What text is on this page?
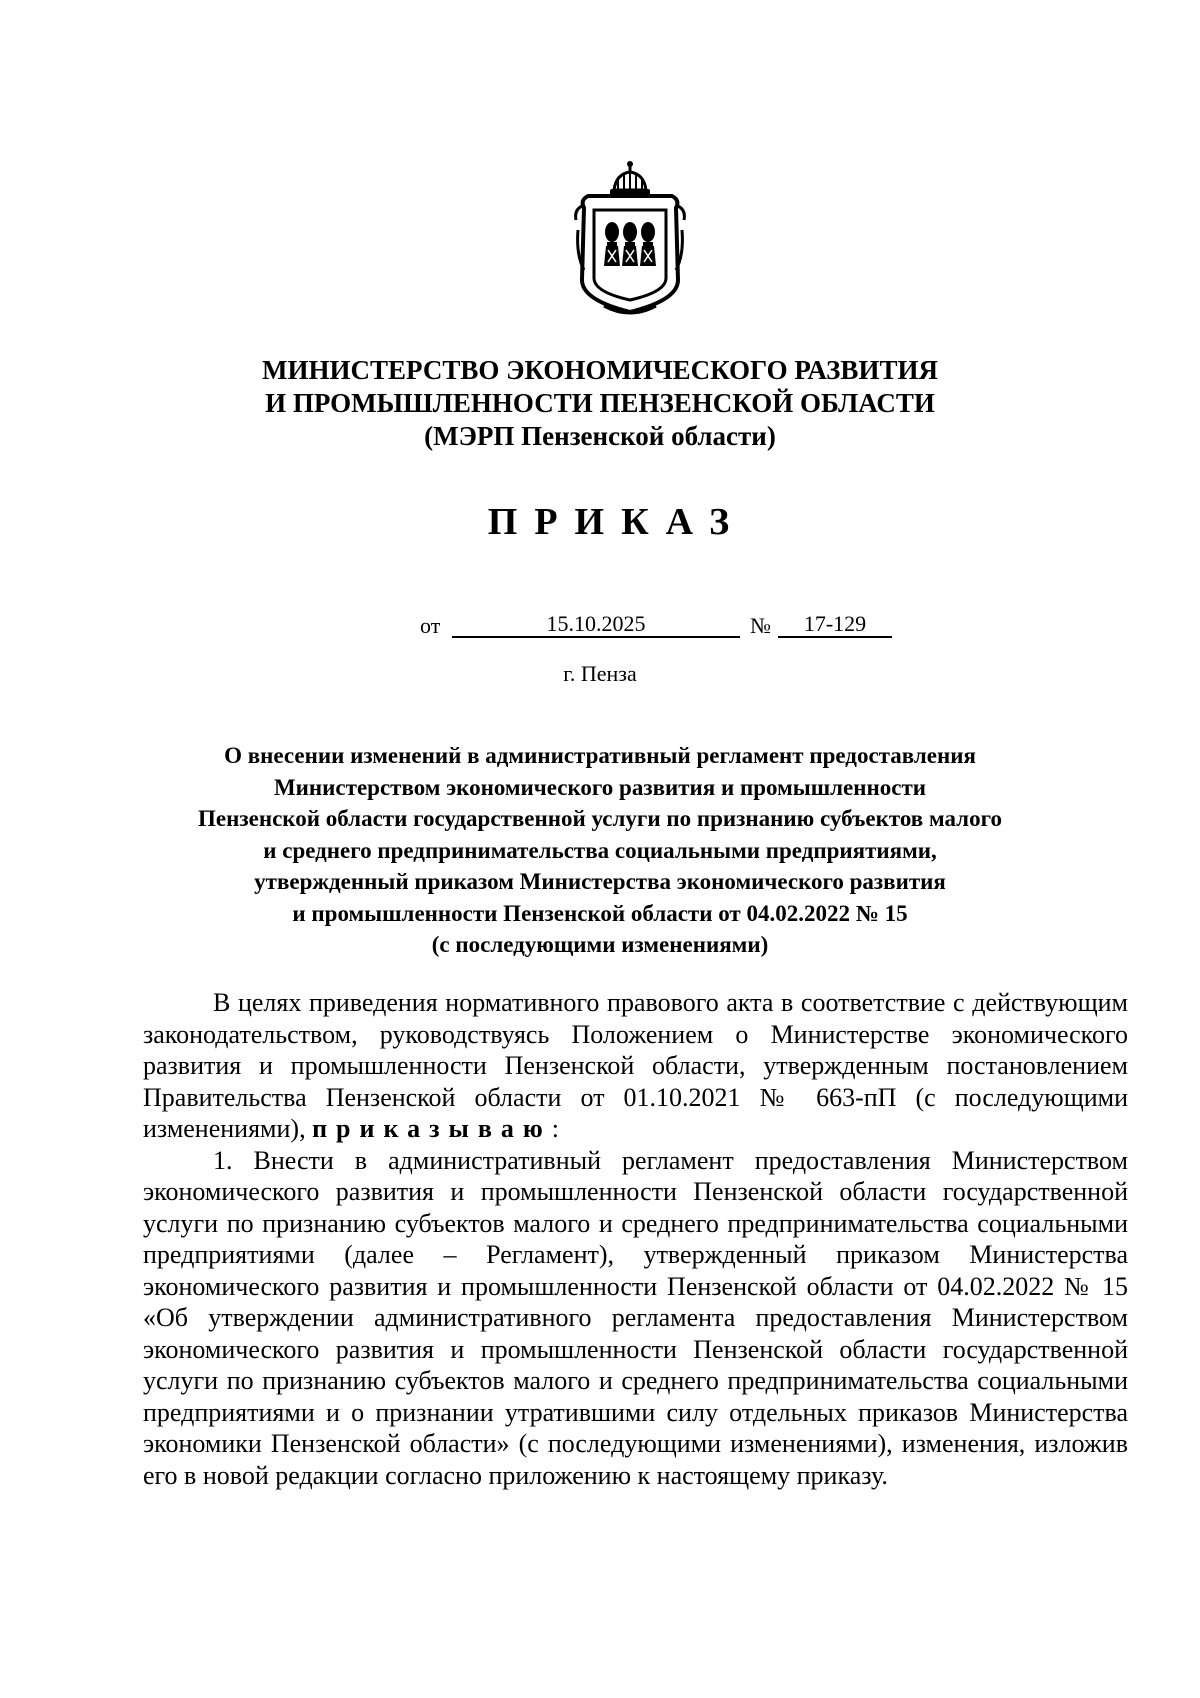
МИНИСТЕРСТВО ЭКОНОМИЧЕСКОГО РАЗВИТИЯ
И ПРОМЫШЛЕННОСТИ ПЕНЗЕНСКОЙ ОБЛАСТИ
(МЭРП Пензенской области)
ПРИКАЗ
от	15.10.2025	№	17-129
г. Пенза
О внесении изменений в административный регламент предоставления
Министерством экономического развития и промышленности
Пензенской области государственной услуги по признанию субъектов малого
и среднего предпринимательства социальными предприятиями,
утвержденный приказом Министерства экономического развития
и промышленности Пензенской области от 04.02.2022 № 15
(с последующими изменениями)

В целях приведения нормативного правового акта в соответствие с действующим законодательством, руководствуясь Положением о Министерстве экономического развития и промышленности Пензенской области, утвержденным постановлением Правительства Пензенской области от 01.10.2021 № 663-пП (с последующими изменениями), приказываю:

1. Внести в административный регламент предоставления Министерством экономического развития и промышленности Пензенской области государственной услуги по признанию субъектов малого и среднего предпринимательства социальными предприятиями (далее – Регламент), утвержденный приказом Министерства экономического развития и промышленности Пензенской области от 04.02.2022 № 15 «Об утверждении административного регламента предоставления Министерством экономического развития и промышленности Пензенской области государственной услуги по признанию субъектов малого и среднего предпринимательства социальными предприятиями и о признании утратившими силу отдельных приказов Министерства экономики Пензенской области» (с последующими изменениями), изменения, изложив его в новой редакции согласно приложению к настоящему приказу.
